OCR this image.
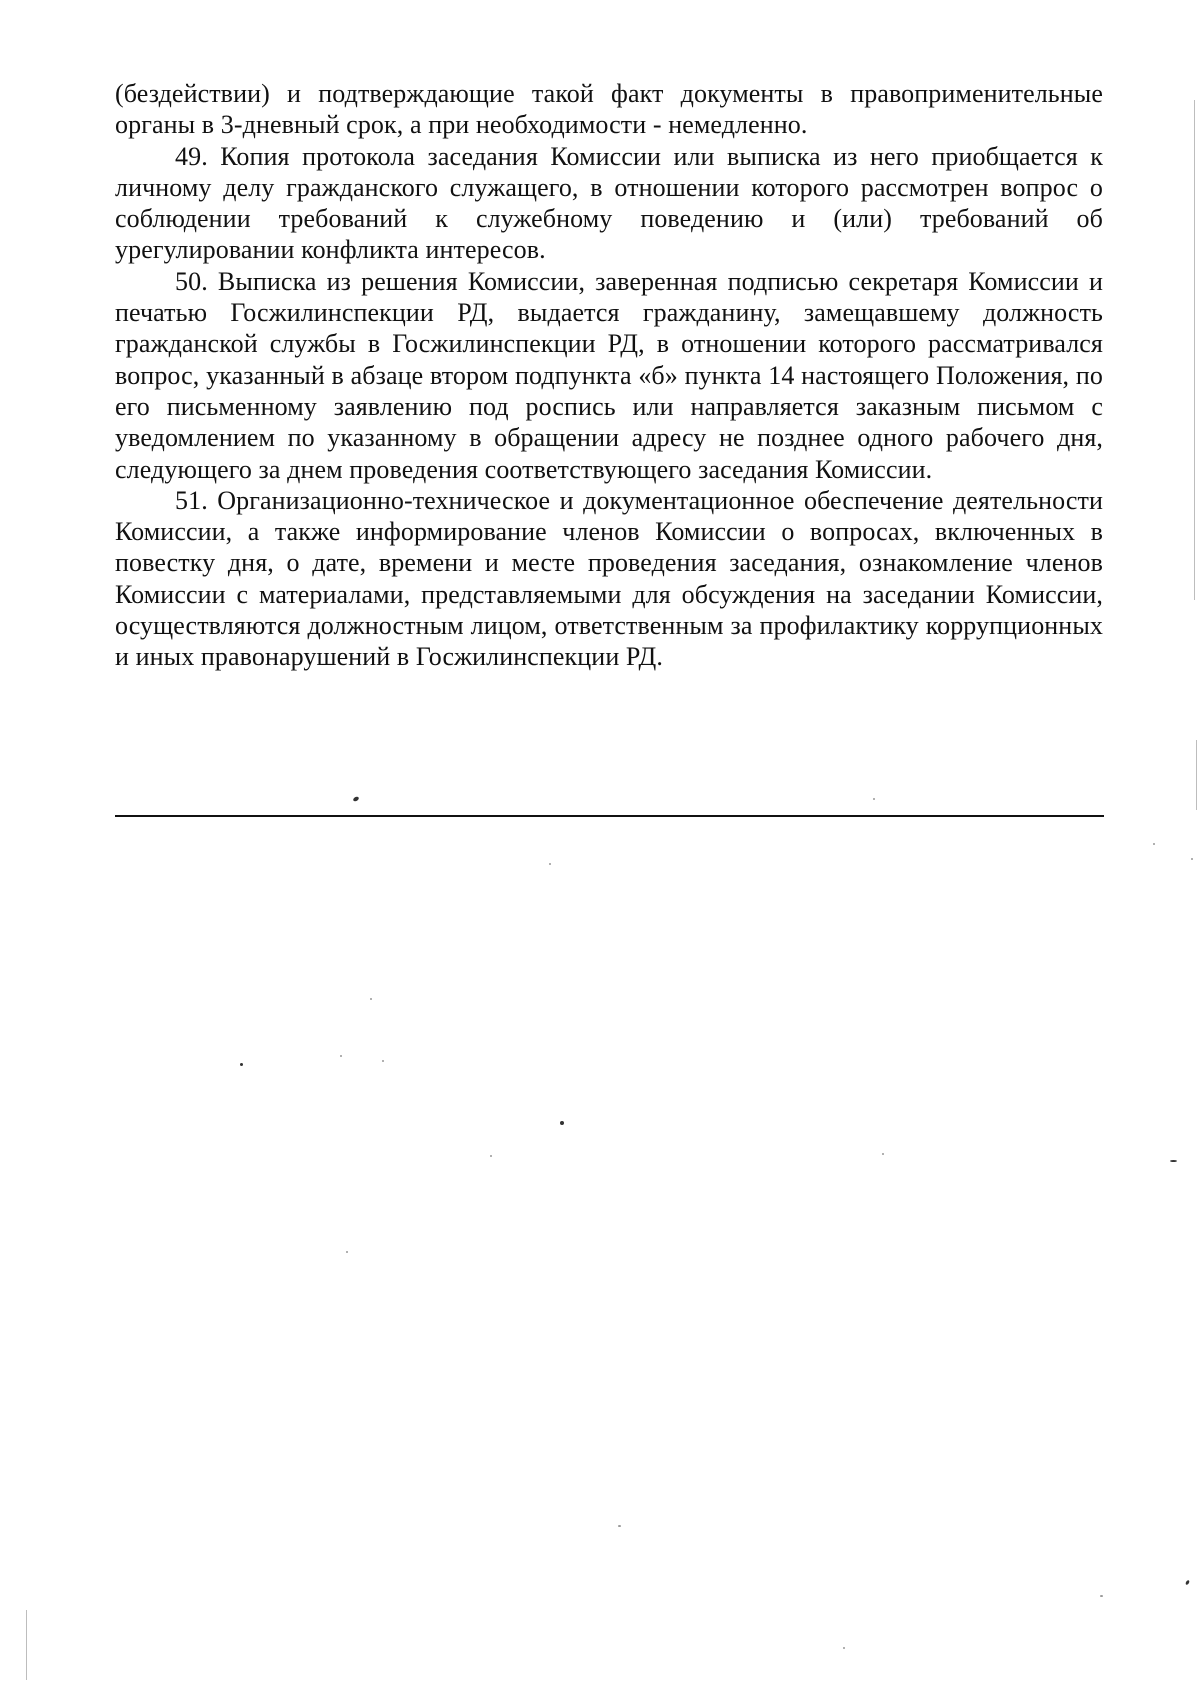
(бездействии) и подтверждающие такой факт документы в правоприменительные органы в 3-дневный срок, а при необходимости - немедленно.

49. Копия протокола заседания Комиссии или выписка из него приобщается к личному делу гражданского служащего, в отношении которого рассмотрен вопрос о соблюдении требований к служебному поведению и (или) требований об урегулировании конфликта интересов.

50. Выписка из решения Комиссии, заверенная подписью секретаря Комиссии и печатью Госжилинспекции РД, выдается гражданину, замещавшему должность гражданской службы в Госжилинспекции РД, в отношении которого рассматривался вопрос, указанный в абзаце втором подпункта «б» пункта 14 настоящего Положения, по его письменному заявлению под роспись или направляется заказным письмом с уведомлением по указанному в обращении адресу не позднее одного рабочего дня, следующего за днем проведения соответствующего заседания Комиссии.

51. Организационно-техническое и документационное обеспечение деятельности Комиссии, а также информирование членов Комиссии о вопросах, включенных в повестку дня, о дате, времени и месте проведения заседания, ознакомление членов Комиссии с материалами, представляемыми для обсуждения на заседании Комиссии, осуществляются должностным лицом, ответственным за профилактику коррупционных и иных правонарушений в Госжилинспекции РД.
